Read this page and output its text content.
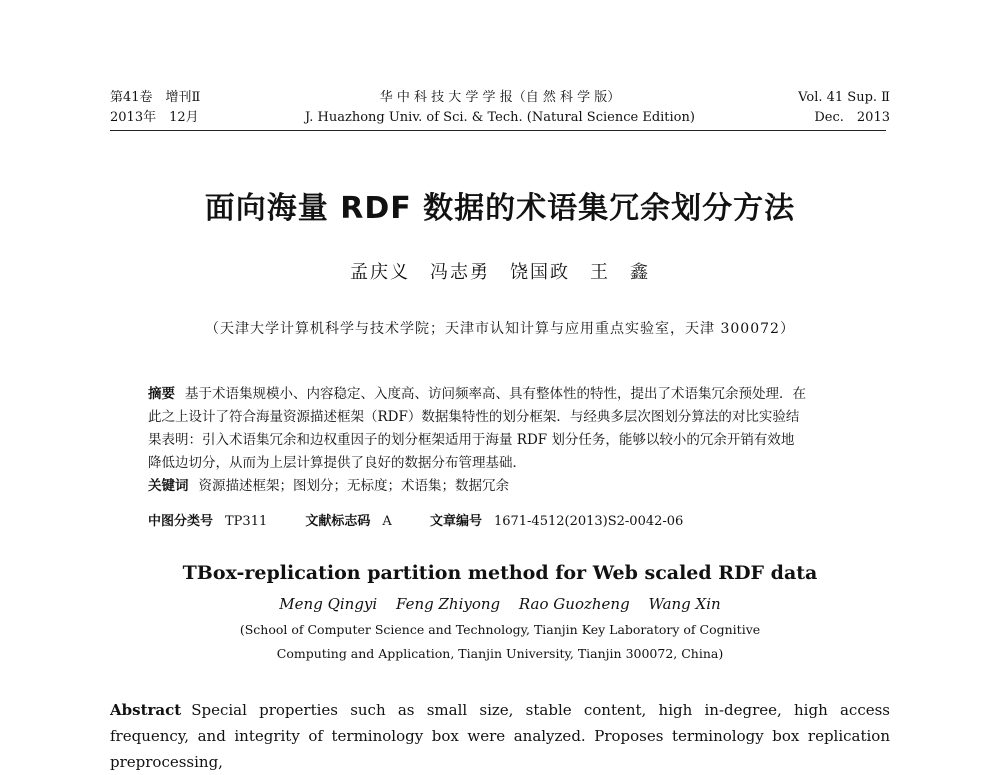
第41卷　增刊Ⅱ
2013年　12月
华 中 科 技 大 学 学 报（自 然 科 学 版）
J. Huazhong Univ. of Sci. & Tech. (Natural Science Edition)
Vol. 41 Sup. Ⅱ
Dec.　2013
面向海量 RDF 数据的术语集冗余划分方法
孟庆义　冯志勇　饶国政　王　鑫
（天津大学计算机科学与技术学院；天津市认知计算与应用重点实验室，天津 300072）
摘要 基于术语集规模小、内容稳定、入度高、访问频率高、具有整体性的特性，提出了术语集冗余预处理．在
此之上设计了符合海量资源描述框架（RDF）数据集特性的划分框架．与经典多层次图划分算法的对比实验结
果表明：引入术语集冗余和边权重因子的划分框架适用于海量 RDF 划分任务，能够以较小的冗余开销有效地
降低边切分，从而为上层计算提供了良好的数据分布管理基础．
关键词 资源描述框架；图划分；无标度；术语集；数据冗余
中图分类号 TP311	文献标志码 A	文章编号 1671-4512(2013)S2-0042-06
TBox-replication partition method for Web scaled RDF data
Meng Qingyi Feng Zhiyong Rao Guozheng Wang Xin
(School of Computer Science and Technology, Tianjin Key Laboratory of Cognitive
Computing and Application, Tianjin University, Tianjin 300072, China)
Abstract Special properties such as small size, stable content, high in-degree, high access frequency, and integrity of terminology box were analyzed. Proposes terminology box replication preprocessing,
